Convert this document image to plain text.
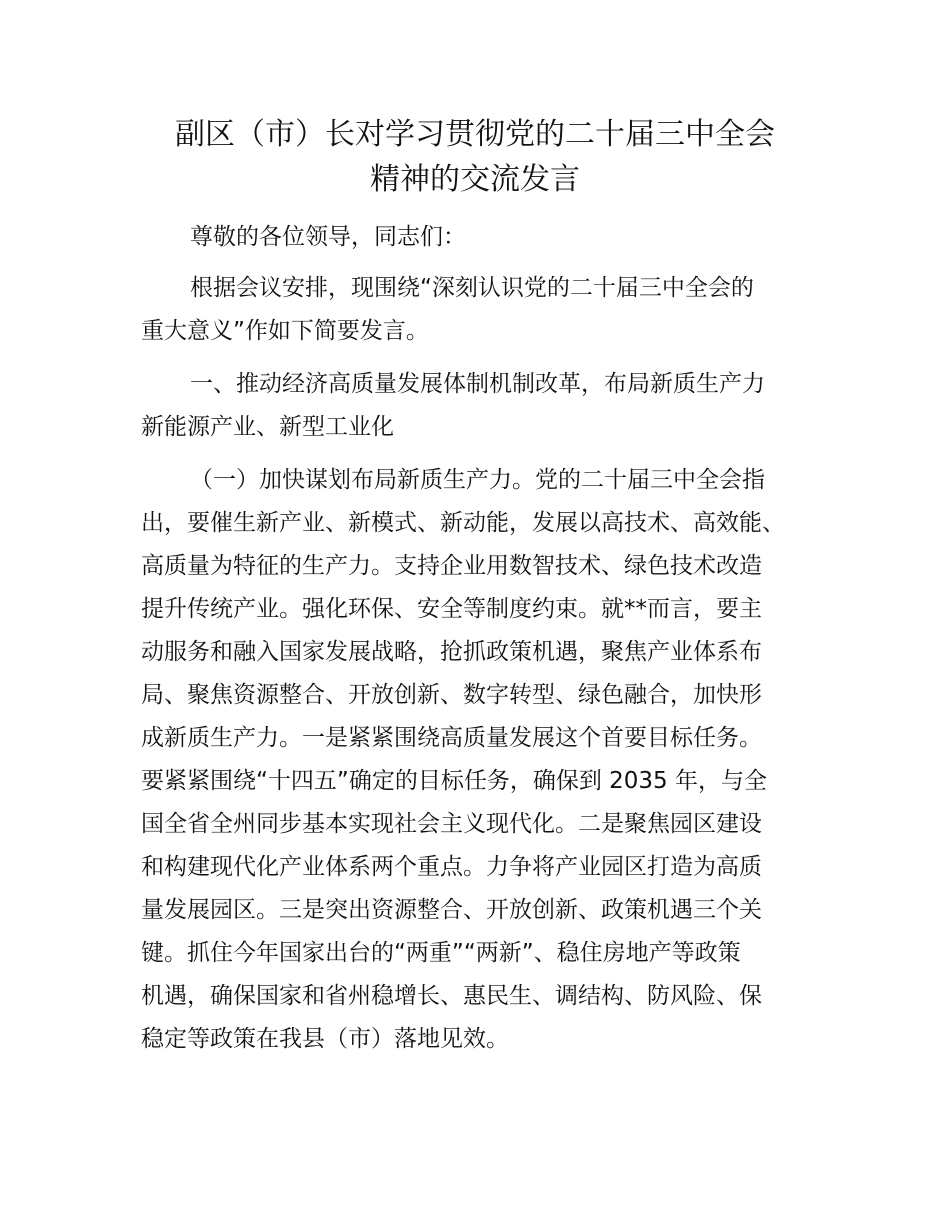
副区（市）长对学习贯彻党的二十届三中全会
精神的交流发言

尊敬的各位领导，同志们：

根据会议安排，现围绕“深刻认识党的二十届三中全会的

重大意义”作如下简要发言。

一、推动经济高质量发展体制机制改革，布局新质生产力

新能源产业、新型工业化

（一）加快谋划布局新质生产力。党的二十届三中全会指

出，要催生新产业、新模式、新动能，发展以高技术、高效能、

高质量为特征的生产力。支持企业用数智技术、绿色技术改造

提升传统产业。强化环保、安全等制度约束。就**而言，要主

动服务和融入国家发展战略，抢抓政策机遇，聚焦产业体系布

局、聚焦资源整合、开放创新、数字转型、绿色融合，加快形

成新质生产力。一是紧紧围绕高质量发展这个首要目标任务。

要紧紧围绕“十四五”确定的目标任务，确保到 2035 年，与全

国全省全州同步基本实现社会主义现代化。二是聚焦园区建设

和构建现代化产业体系两个重点。力争将产业园区打造为高质

量发展园区。三是突出资源整合、开放创新、政策机遇三个关

键。抓住今年国家出台的“两重”“两新”、稳住房地产等政策

机遇，确保国家和省州稳增长、惠民生、调结构、防风险、保

稳定等政策在我县（市）落地见效。
